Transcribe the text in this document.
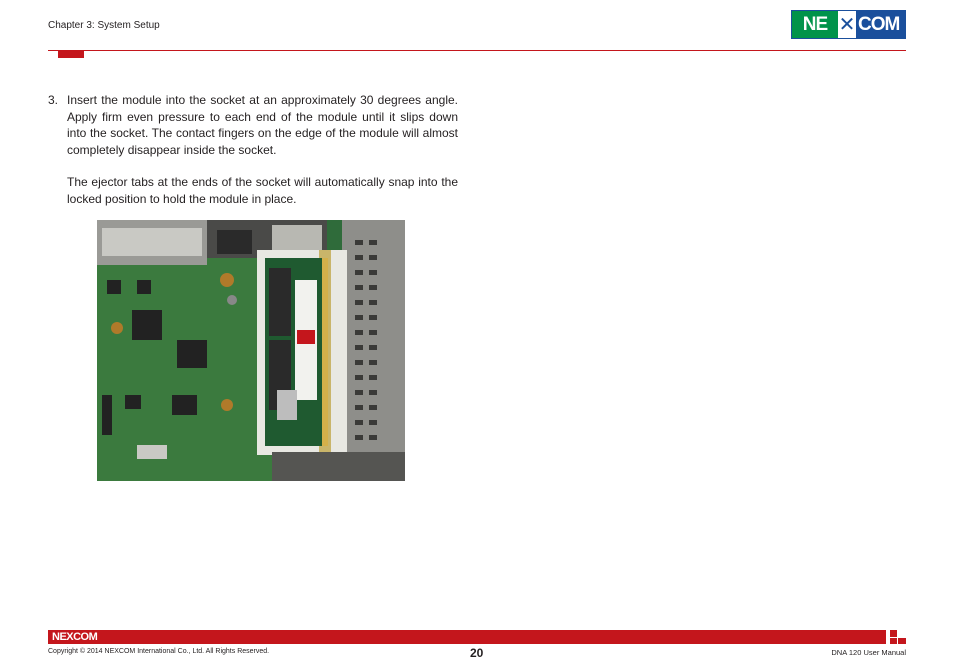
Chapter 3: System Setup	NE ✕ COM
3. Insert the module into the socket at an approximately 30 degrees angle. Apply firm even pressure to each end of the module until it slips down into the socket. The contact fingers on the edge of the module will almost completely disappear inside the socket.

The ejector tabs at the ends of the socket will automatically snap into the locked position to hold the module in place.

NEXCOM
Copyright © 2014 NEXCOM International Co., Ltd. All Rights Reserved.	20	DNA 120 User Manual
